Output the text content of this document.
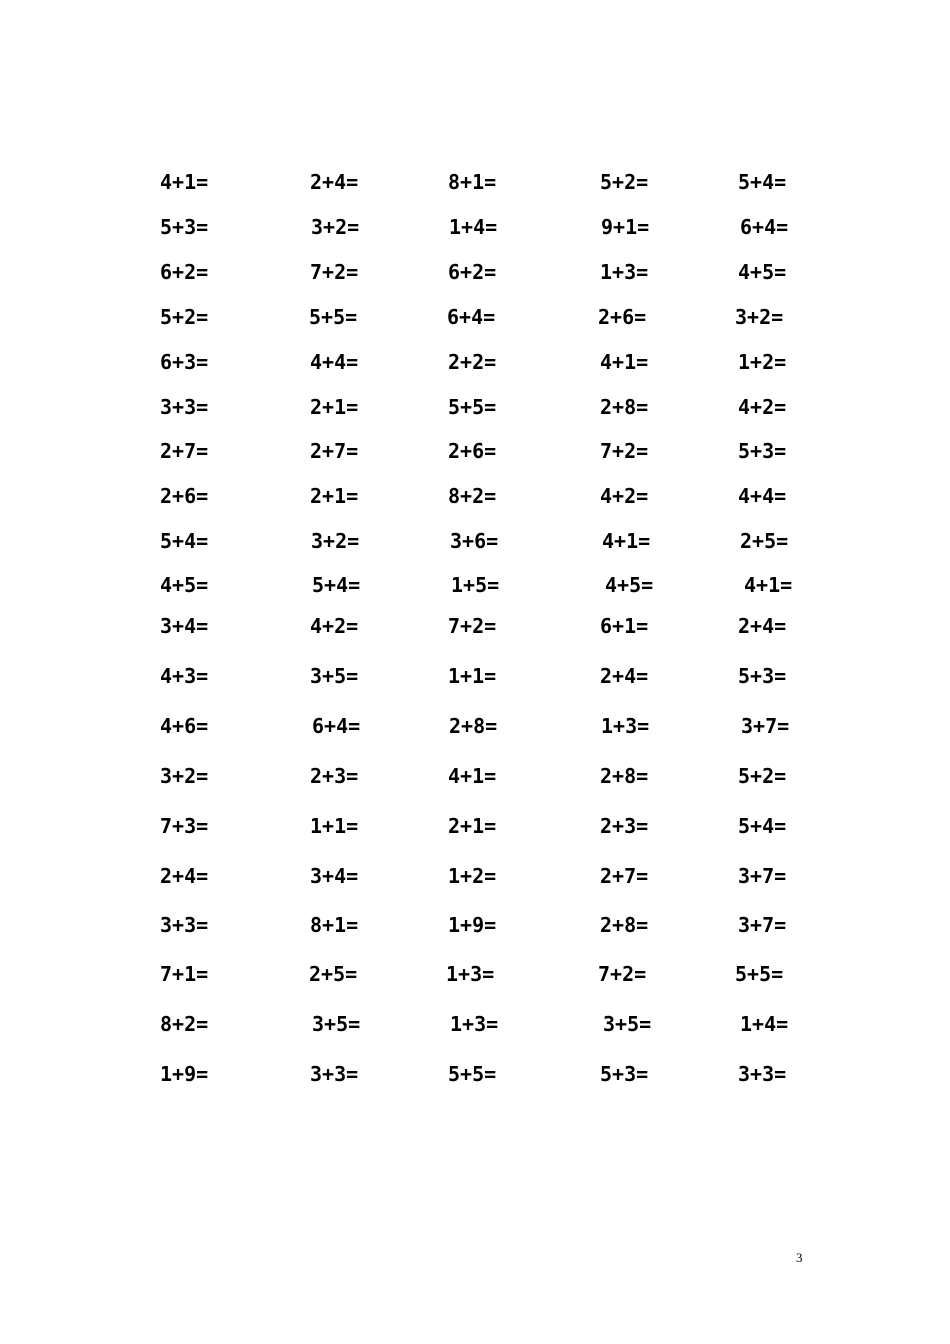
4+1=	2+4=	8+1=	5+2=	5+4=
5+3=	3+2=	1+4=	9+1=	6+4=
6+2=	7+2=	6+2=	1+3=	4+5=
5+2=	5+5=	6+4=	2+6=	3+2=
6+3=	4+4=	2+2=	4+1=	1+2=
3+3=	2+1=	5+5=	2+8=	4+2=
2+7=	2+7=	2+6=	7+2=	5+3=
2+6=	2+1=	8+2=	4+2=	4+4=
5+4=	3+2=	3+6=	4+1=	2+5=
4+5=	5+4=	1+5=	4+5=	4+1=
3+4=	4+2=	7+2=	6+1=	2+4=
4+3=	3+5=	1+1=	2+4=	5+3=
4+6=	6+4=	2+8=	1+3=	3+7=
3+2=	2+3=	4+1=	2+8=	5+2=
7+3=	1+1=	2+1=	2+3=	5+4=
2+4=	3+4=	1+2=	2+7=	3+7=
3+3=	8+1=	1+9=	2+8=	3+7=
7+1=	2+5=	1+3=	7+2=	5+5=
8+2=	3+5=	1+3=	3+5=	1+4=
1+9=	3+3=	5+5=	5+3=	3+3=
3
